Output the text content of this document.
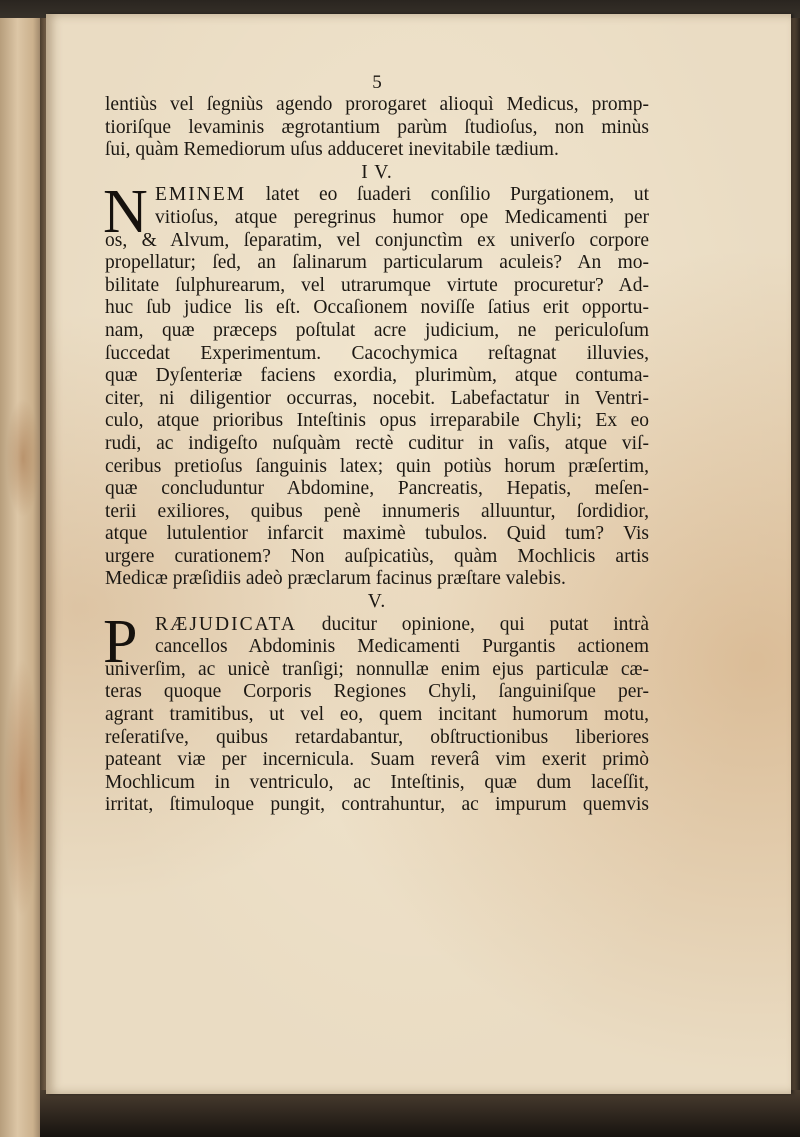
5
lentiùs vel ſegniùs agendo prorogaret alioquì Medicus, promp-
tioriſque levaminis ægrotantium parùm ſtudioſus, non minùs
ſui, quàm Remediorum uſus adduceret inevitabile tædium.
I V.
N EMINEM latet eo ſuaderi conſilio Purgationem, ut
vitioſus, atque peregrinus humor ope Medicamenti per
os, & Alvum, ſeparatim, vel conjunctìm ex univerſo corpore
propellatur; ſed, an ſalinarum particularum aculeis? An mo-
bilitate ſulphurearum, vel utrarumque virtute procuretur? Ad-
huc ſub judice lis eſt. Occaſionem noviſſe ſatius erit opportu-
nam, quæ præceps poſtulat acre judicium, ne periculoſum
ſuccedat Experimentum. Cacochymica reſtagnat illuvies,
quæ Dyſenteriæ faciens exordia, plurimùm, atque contuma-
citer, ni diligentior occurras, nocebit. Labefactatur in Ventri-
culo, atque prioribus Inteſtinis opus irreparabile Chyli; Ex eo
rudi, ac indigeſto nuſquàm rectè cuditur in vaſis, atque viſ-
ceribus pretioſus ſanguinis latex; quin potiùs horum præſertim,
quæ concluduntur Abdomine, Pancreatis, Hepatis, meſen-
terii exiliores, quibus penè innumeris alluuntur, ſordidior,
atque lutulentior infarcit maximè tubulos. Quid tum? Vis
urgere curationem? Non auſpicatiùs, quàm Mochlicis artis
Medicæ præſidiis adeò præclarum facinus præſtare valebis.
V.
P RÆJUDICATA ducitur opinione, qui putat intrà
cancellos Abdominis Medicamenti Purgantis actionem
univerſim, ac unicè tranſigi; nonnullæ enim ejus particulæ cæ-
teras quoque Corporis Regiones Chyli, ſanguiniſque per-
agrant tramitibus, ut vel eo, quem incitant humorum motu,
reſeratiſve, quibus retardabantur, obſtructionibus liberiores
pateant viæ per incernicula. Suam reverâ vim exerit primò
Mochlicum in ventriculo, ac Inteſtinis, quæ dum laceſſit,
irritat, ſtimuloque pungit, contrahuntur, ac impurum quemvis
